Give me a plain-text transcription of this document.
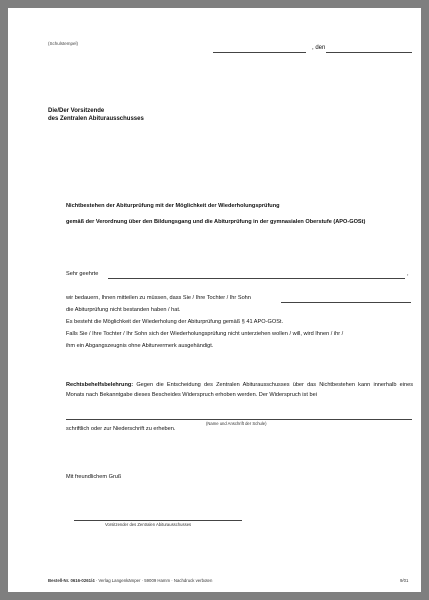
(Schulstempel)
, den
Die/Der Vorsitzende
des Zentralen Abiturausschusses
Nichtbestehen der Abiturprüfung mit der Möglichkeit der Wiederholungsprüfung
gemäß der Verordnung über den Bildungsgang und die Abiturprüfung in der gymnasialen Oberstufe (APO-GOSt)
Sehr geehrte	,
wir bedauern, Ihnen mitteilen zu müssen, dass Sie / Ihre Tochter / Ihr Sohn
die Abiturprüfung nicht bestanden haben / hat.
Es besteht die Möglichkeit der Wiederholung der Abiturprüfung gemäß § 41 APO-GOSt.
Falls Sie / Ihre Tochter / Ihr Sohn sich der Wiederholungsprüfung nicht unterziehen wollen / will, wird Ihnen / ihr /
ihm ein Abgangszeugnis ohne Abiturvermerk ausgehändigt.
Rechtsbehelfsbelehrung: Gegen die Entscheidung des Zentralen Abiturausschusses über das Nichtbestehen kann innerhalb eines Monats nach Bekanntgabe dieses Bescheides Widerspruch erhoben werden. Der Widerspruch ist bei
(Name und Anschrift der Schule)
schriftlich oder zur Niederschrift zu erheben.
Mit freundlichem Gruß
Vorsitzender des Zentralen Abiturausschusses
Bestell-Nr. 0616-0261/4 · Verlag Langenkämper · 59009 Hamm · Nachdruck verboten	9/01
